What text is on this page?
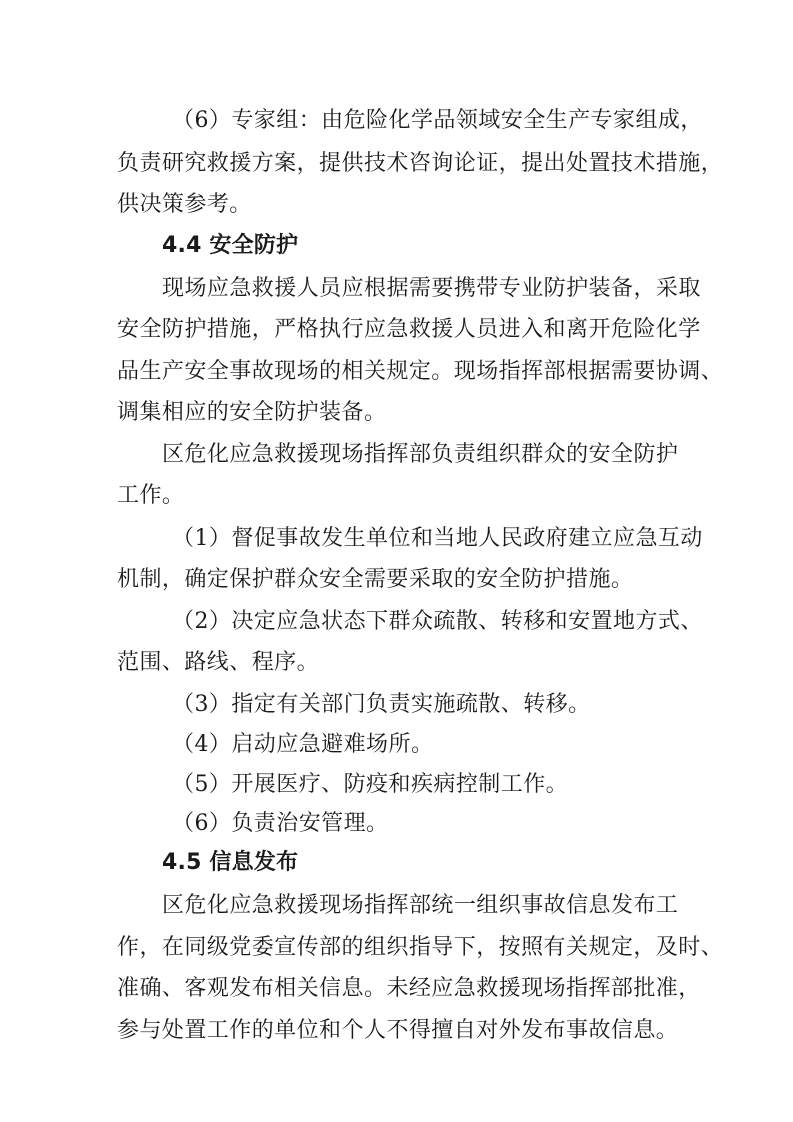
（6）专家组：由危险化学品领域安全生产专家组成，
负责研究救援方案，提供技术咨询论证，提出处置技术措施，
供决策参考。
4.4 安全防护
现场应急救援人员应根据需要携带专业防护装备，采取
安全防护措施，严格执行应急救援人员进入和离开危险化学
品生产安全事故现场的相关规定。现场指挥部根据需要协调、
调集相应的安全防护装备。
区危化应急救援现场指挥部负责组织群众的安全防护
工作。
（1）督促事故发生单位和当地人民政府建立应急互动
机制，确定保护群众安全需要采取的安全防护措施。
（2）决定应急状态下群众疏散、转移和安置地方式、
范围、路线、程序。
（3）指定有关部门负责实施疏散、转移。
（4）启动应急避难场所。
（5）开展医疗、防疫和疾病控制工作。
（6）负责治安管理。
4.5 信息发布
区危化应急救援现场指挥部统一组织事故信息发布工
作，在同级党委宣传部的组织指导下，按照有关规定，及时、
准确、客观发布相关信息。未经应急救援现场指挥部批准，
参与处置工作的单位和个人不得擅自对外发布事故信息。
